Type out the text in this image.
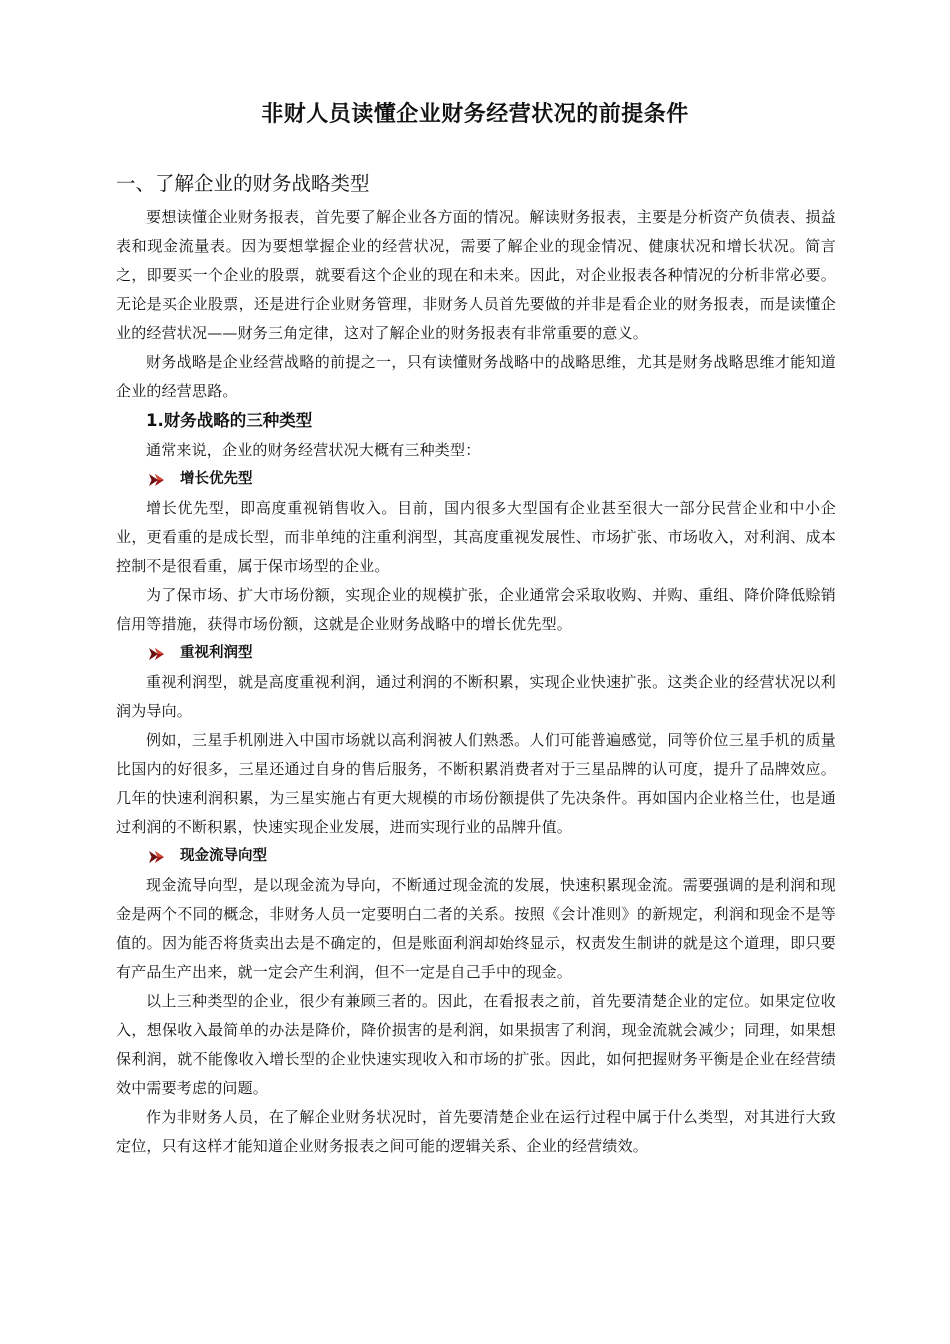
非财人员读懂企业财务经营状况的前提条件
一、了解企业的财务战略类型

要想读懂企业财务报表，首先要了解企业各方面的情况。解读财务报表，主要是分析资产负债表、损益表和现金流量表。因为要想掌握企业的经营状况，需要了解企业的现金情况、健康状况和增长状况。简言之，即要买一个企业的股票，就要看这个企业的现在和未来。因此，对企业报表各种情况的分析非常必要。无论是买企业股票，还是进行企业财务管理，非财务人员首先要做的并非是看企业的财务报表，而是读懂企业的经营状况——财务三角定律，这对了解企业的财务报表有非常重要的意义。

财务战略是企业经营战略的前提之一，只有读懂财务战略中的战略思维，尤其是财务战略思维才能知道企业的经营思路。

1.财务战略的三种类型

通常来说，企业的财务经营状况大概有三种类型：

增长优先型

增长优先型，即高度重视销售收入。目前，国内很多大型国有企业甚至很大一部分民营企业和中小企业，更看重的是成长型，而非单纯的注重利润型，其高度重视发展性、市场扩张、市场收入，对利润、成本控制不是很看重，属于保市场型的企业。

为了保市场、扩大市场份额，实现企业的规模扩张，企业通常会采取收购、并购、重组、降价降低赊销信用等措施，获得市场份额，这就是企业财务战略中的增长优先型。

重视利润型

重视利润型，就是高度重视利润，通过利润的不断积累，实现企业快速扩张。这类企业的经营状况以利润为导向。

例如，三星手机刚进入中国市场就以高利润被人们熟悉。人们可能普遍感觉，同等价位三星手机的质量比国内的好很多，三星还通过自身的售后服务，不断积累消费者对于三星品牌的认可度，提升了品牌效应。几年的快速利润积累，为三星实施占有更大规模的市场份额提供了先决条件。再如国内企业格兰仕，也是通过利润的不断积累，快速实现企业发展，进而实现行业的品牌升值。

现金流导向型

现金流导向型，是以现金流为导向，不断通过现金流的发展，快速积累现金流。需要强调的是利润和现金是两个不同的概念，非财务人员一定要明白二者的关系。按照《会计准则》的新规定，利润和现金不是等值的。因为能否将货卖出去是不确定的，但是账面利润却始终显示，权责发生制讲的就是这个道理，即只要有产品生产出来，就一定会产生利润，但不一定是自己手中的现金。

以上三种类型的企业，很少有兼顾三者的。因此，在看报表之前，首先要清楚企业的定位。如果定位收入，想保收入最简单的办法是降价，降价损害的是利润，如果损害了利润，现金流就会减少；同理，如果想保利润，就不能像收入增长型的企业快速实现收入和市场的扩张。因此，如何把握财务平衡是企业在经营绩效中需要考虑的问题。

作为非财务人员，在了解企业财务状况时，首先要清楚企业在运行过程中属于什么类型，对其进行大致定位，只有这样才能知道企业财务报表之间可能的逻辑关系、企业的经营绩效。
